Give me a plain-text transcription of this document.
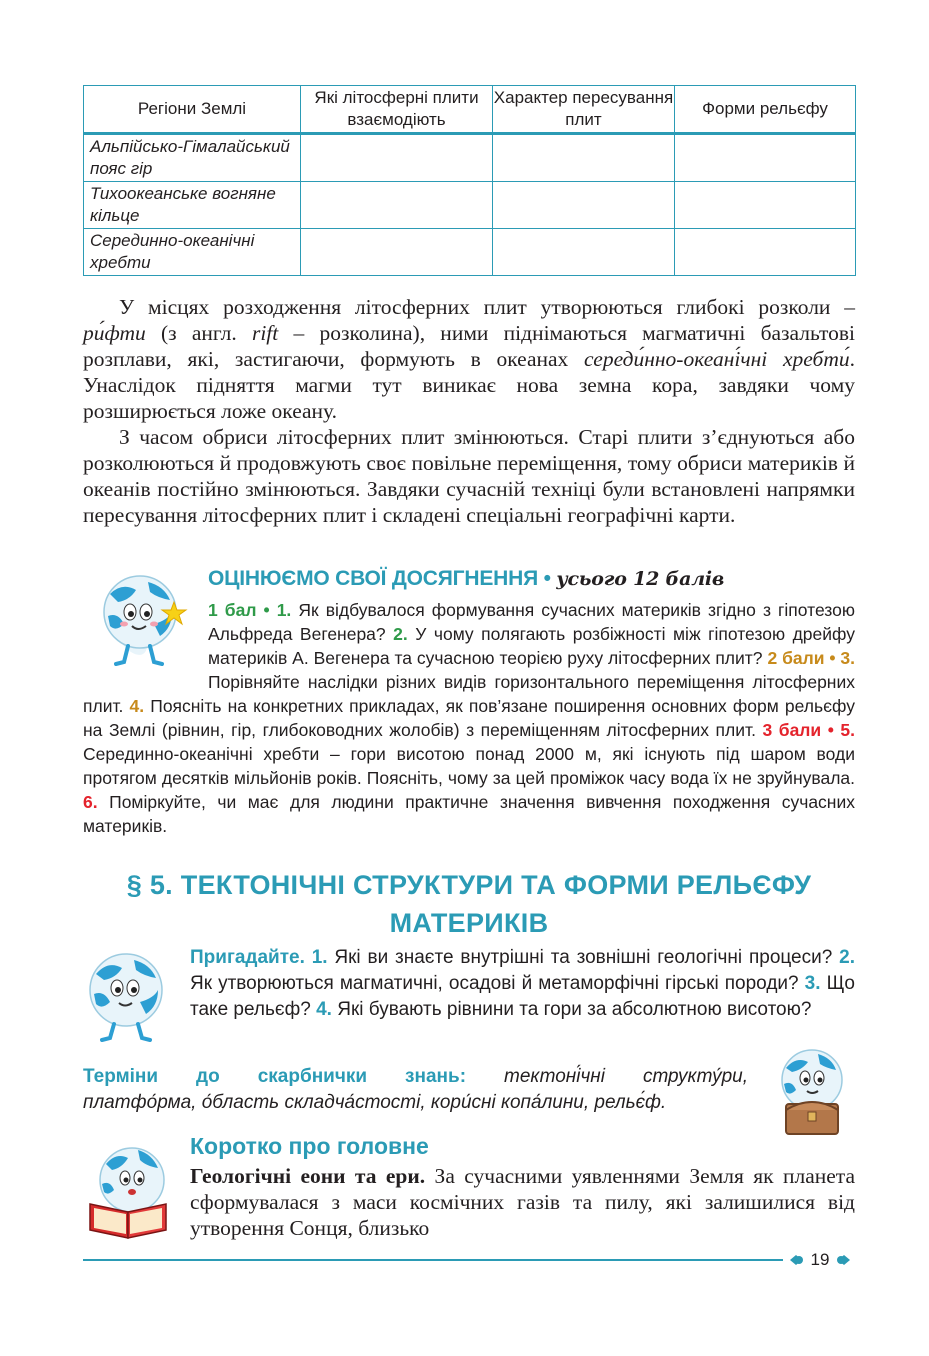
Регіони Землі	Які літосферні плити взаємодіють	Характер пересування плит	Форми рельєфу
Альпійсько-Гімалайський пояс гір			
Тихоокеанське вогняне кільце			
Серединно-океанічні хребти			

У місцях розходження літосферних плит утворюються глибокі розколи – ри́фти (з англ. rift – розколина), ними піднімаються магматичні базальтові розплави, які, застигаючи, формують в океанах середи́нно-океані́чні хребти́. Унаслідок підняття магми тут виникає нова земна кора, завдяки чому розширюється ложе океану.

З часом обриси літосферних плит змінюються. Старі плити з’єднуються або розколюються й продовжують своє повільне переміщення, тому обриси материків й океанів постійно змінюються. Завдяки сучасній техніці були встановлені напрямки пересування літосферних плит і складені спеціальні географічні карти.

ОЦІНЮЄМО СВОЇ ДОСЯГНЕННЯ • усього 12 балів
1 бал • 1. Як відбувалося формування сучасних материків згідно з гіпотезою Альфреда Вегенера? 2. У чому полягають розбіжності між гіпотезою дрейфу материків А. Вегенера та сучасною теорією руху літосферних плит? 2 бали • 3. Порівняйте наслідки різних видів горизонтального переміщення літосферних плит. 4. Поясніть на конкретних прикладах, як пов’язане поширення основних форм рельєфу на Землі (рівнин, гір, глибоководних жолобів) з переміщенням літосферних плит. 3 бали • 5. Серединно-океанічні хребти – гори висотою понад 2000 м, які існують під шаром води протягом десятків мільйонів років. Поясніть, чому за цей проміжок часу вода їх не зруйнувала. 6. Поміркуйте, чи має для людини практичне значення вивчення походження сучасних материків.
§ 5. ТЕКТОНІЧНІ СТРУКТУРИ ТА ФОРМИ РЕЛЬЄФУ
МАТЕРИКІВ
Пригадайте. 1. Які ви знаєте внутрішні та зовнішні геологічні процеси? 2. Як утворюються магматичні, осадові й метаморфічні гірські породи? 3. Що таке рельєф? 4. Які бувають рівнини та гори за абсолютною висотою?
Терміни до скарбнички знань: тектоні́чні структу́ри,
платфо́рма, о́бласть складча́стості, кори́сні копа́лини, рельє́ф.
Коротко про головне

Геологічні еони та ери. За сучасними уявленнями Земля як планета сформувалася з маси космічних газів та пилу, які залишилися від утворення Сонця, близько

19
